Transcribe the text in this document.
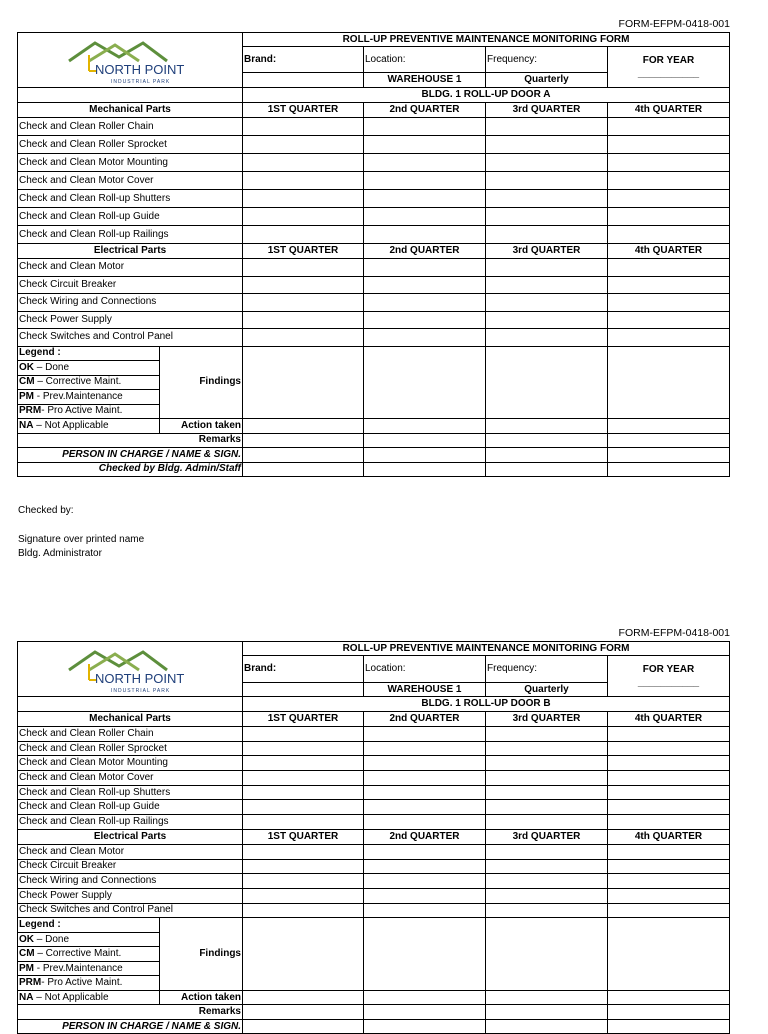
FORM-EFPM-0418-001
NORTH POINT
INDUSTRIAL PARK		ROLL-UP PREVENTIVE MAINTENANCE MONITORING FORM			
		Brand:	Location:	Frequency:	FOR YEAR
___________

			WAREHOUSE 1	Quarterly	
		BLDG. 1 ROLL-UP DOOR A			
Mechanical Parts		1ST QUARTER	2nd QUARTER	3rd QUARTER	4th QUARTER
Check and Clean Roller Chain					
Check and Clean Roller Sprocket					
Check and Clean Motor Mounting					
Check and Clean Motor Cover					
Check and Clean Roll-up Shutters					
Check and Clean Roll-up Guide					
Check and Clean Roll-up Railings					
Electrical Parts		1ST QUARTER	2nd QUARTER	3rd QUARTER	4th QUARTER
Check and Clean Motor					
Check Circuit Breaker					
Check Wiring and Connections					
Check Power Supply					
Check Switches and Control Panel					
Legend :	Findings				
OK – Done					
CM – Corrective Maint.					
PM - Prev.Maintenance					
PRM- Pro Active Maint.					
NA – Not Applicable	Action taken				
Remarks					
PERSON IN CHARGE / NAME & SIGN.					
Checked by Bldg. Admin/Staff					
Checked by:
Signature over printed name
Bldg. Administrator
FORM-EFPM-0418-001
NORTH POINT
INDUSTRIAL PARK		ROLL-UP PREVENTIVE MAINTENANCE MONITORING FORM			
		Brand:	Location:	Frequency:	FOR YEAR
___________

			WAREHOUSE 1	Quarterly	
		BLDG. 1 ROLL-UP DOOR B			
Mechanical Parts		1ST QUARTER	2nd QUARTER	3rd QUARTER	4th QUARTER
Check and Clean Roller Chain					
Check and Clean Roller Sprocket					
Check and Clean Motor Mounting					
Check and Clean Motor Cover					
Check and Clean Roll-up Shutters					
Check and Clean Roll-up Guide					
Check and Clean Roll-up Railings					
Electrical Parts		1ST QUARTER	2nd QUARTER	3rd QUARTER	4th QUARTER
Check and Clean Motor					
Check Circuit Breaker					
Check Wiring and Connections					
Check Power Supply					
Check Switches and Control Panel					
Legend :	Findings				
OK – Done					
CM – Corrective Maint.					
PM - Prev.Maintenance					
PRM- Pro Active Maint.					
NA – Not Applicable	Action taken				
Remarks					
PERSON IN CHARGE / NAME & SIGN.					
